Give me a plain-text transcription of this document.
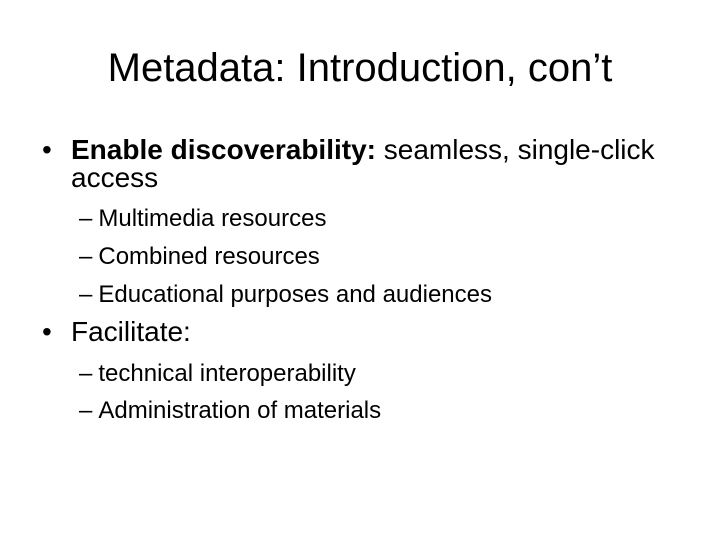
Metadata: Introduction, con’t
• Enable discoverability: seamless, single-click access
– Multimedia resources
– Combined resources
– Educational purposes and audiences
• Facilitate:
– technical interoperability
– Administration of materials
